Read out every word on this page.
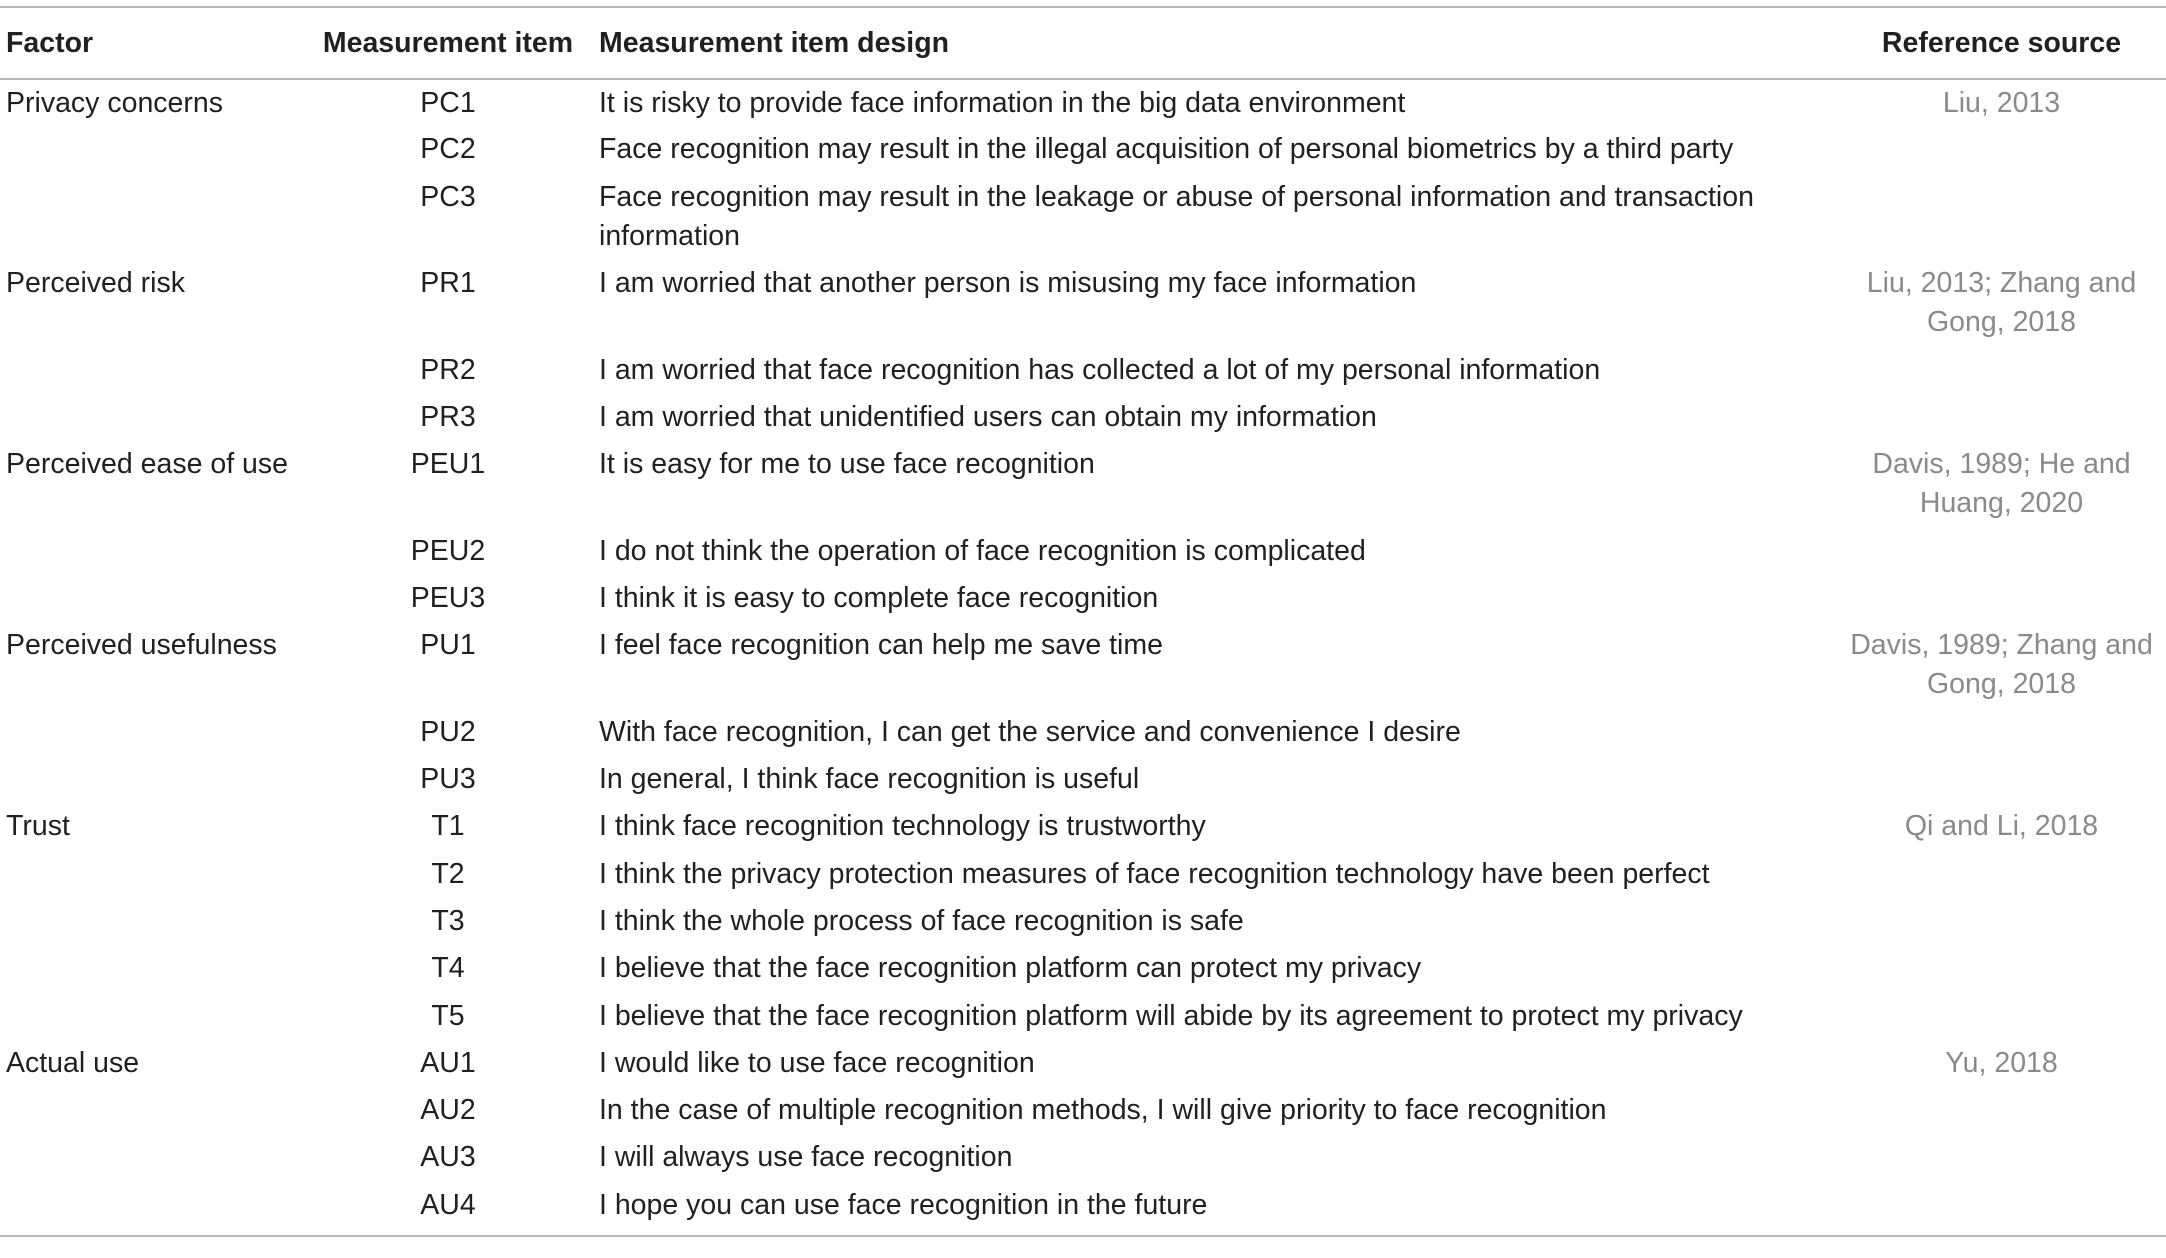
Factor	Measurement item	Measurement item design	Reference source
Privacy concerns	PC1	It is risky to provide face information in the big data environment	Liu, 2013
	PC2	Face recognition may result in the illegal acquisition of personal biometrics by a third party	
	PC3	Face recognition may result in the leakage or abuse of personal information and transaction information	
Perceived risk	PR1	I am worried that another person is misusing my face information	Liu, 2013; Zhang and Gong, 2018
	PR2	I am worried that face recognition has collected a lot of my personal information	
	PR3	I am worried that unidentified users can obtain my information	
Perceived ease of use	PEU1	It is easy for me to use face recognition	Davis, 1989; He and Huang, 2020
	PEU2	I do not think the operation of face recognition is complicated	
	PEU3	I think it is easy to complete face recognition	
Perceived usefulness	PU1	I feel face recognition can help me save time	Davis, 1989; Zhang and Gong, 2018
	PU2	With face recognition, I can get the service and convenience I desire	
	PU3	In general, I think face recognition is useful	
Trust	T1	I think face recognition technology is trustworthy	Qi and Li, 2018
	T2	I think the privacy protection measures of face recognition technology have been perfect	
	T3	I think the whole process of face recognition is safe	
	T4	I believe that the face recognition platform can protect my privacy	
	T5	I believe that the face recognition platform will abide by its agreement to protect my privacy	
Actual use	AU1	I would like to use face recognition	Yu, 2018
	AU2	In the case of multiple recognition methods, I will give priority to face recognition	
	AU3	I will always use face recognition	
	AU4	I hope you can use face recognition in the future	
